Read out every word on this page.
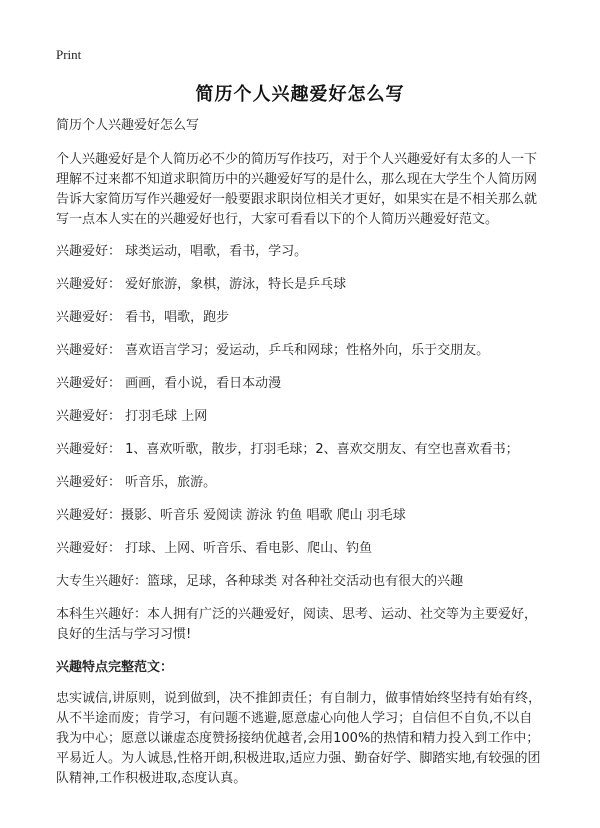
Print
简历个人兴趣爱好怎么写

简历个人兴趣爱好怎么写

个人兴趣爱好是个人简历必不少的简历写作技巧，对于个人兴趣爱好有太多的人一下理解不过来都不知道求职简历中的兴趣爱好写的是什么，那么现在大学生个人简历网告诉大家简历写作兴趣爱好一般要跟求职岗位相关才更好，如果实在是不相关那么就写一点本人实在的兴趣爱好也行，大家可看看以下的个人简历兴趣爱好范文。

兴趣爱好： 球类运动，唱歌，看书，学习。

兴趣爱好： 爱好旅游，象棋，游泳，特长是乒乓球

兴趣爱好： 看书，唱歌，跑步

兴趣爱好： 喜欢语言学习；爱运动，乒乓和网球；性格外向，乐于交朋友。

兴趣爱好： 画画，看小说，看日本动漫

兴趣爱好： 打羽毛球 上网

兴趣爱好： 1、喜欢听歌，散步，打羽毛球；2、喜欢交朋友、有空也喜欢看书；

兴趣爱好： 听音乐，旅游。

兴趣爱好：摄影、听音乐 爱阅读 游泳 钓鱼 唱歌 爬山 羽毛球

兴趣爱好： 打球、上网、听音乐、看电影、爬山、钓鱼

大专生兴趣好：篮球，足球，各种球类 对各种社交活动也有很大的兴趣

本科生兴趣好：本人拥有广泛的兴趣爱好，阅读、思考、运动、社交等为主要爱好，良好的生活与学习习惯!

兴趣特点完整范文：

忠实诚信,讲原则，说到做到，决不推卸责任；有自制力，做事情始终坚持有始有终，从不半途而废；肯学习，有问题不逃避,愿意虚心向他人学习；自信但不自负,不以自我为中心；愿意以谦虚态度赞扬接纳优越者,会用100%的热情和精力投入到工作中；平易近人。为人诚恳,性格开朗,积极进取,适应力强、勤奋好学、脚踏实地,有较强的团队精神,工作积极进取,态度认真。
